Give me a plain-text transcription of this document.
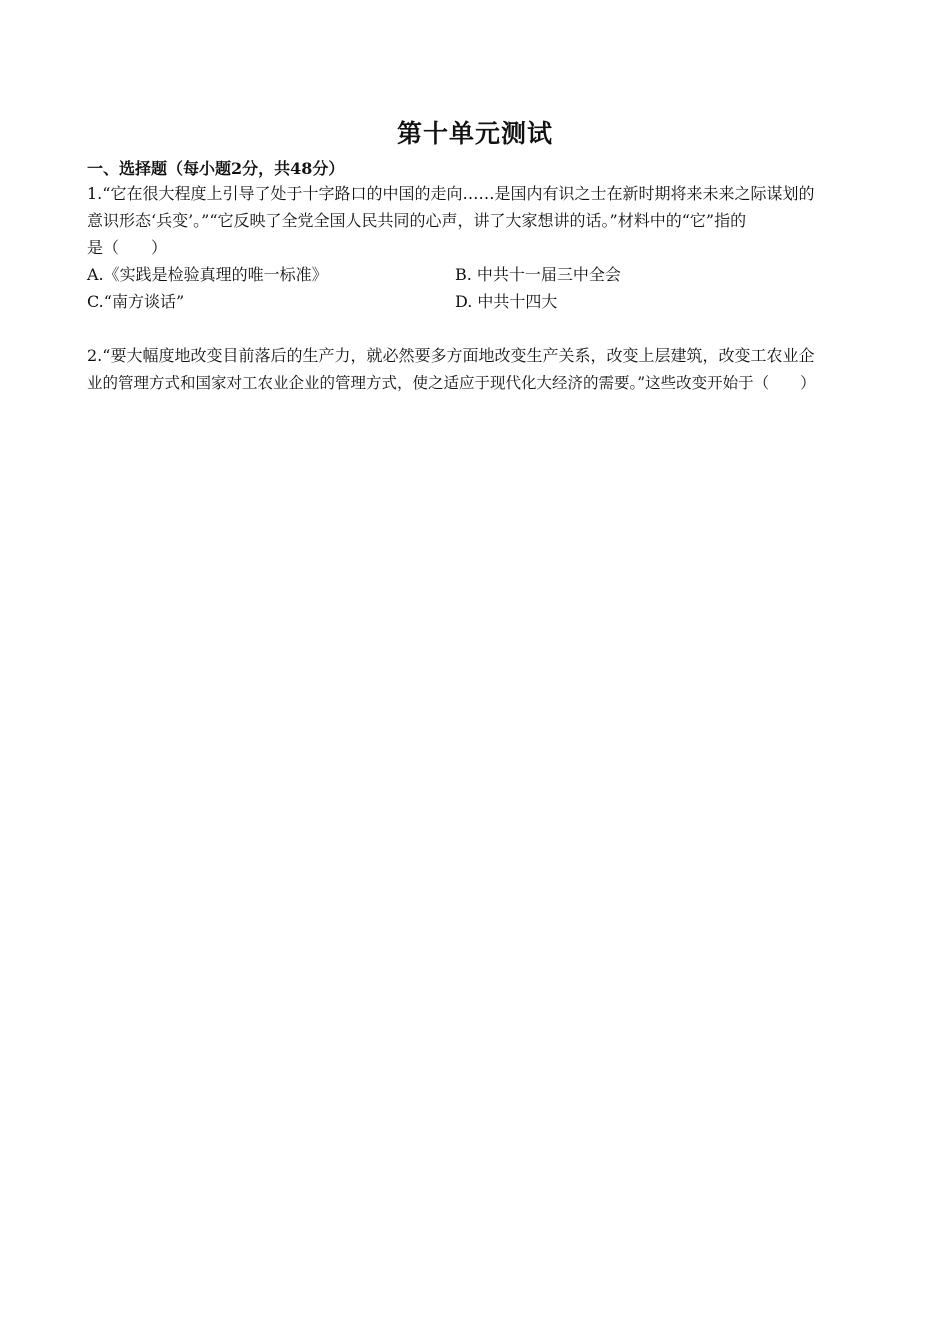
第十单元测试
一、选择题（每小题2分，共48分）
1.“它在很大程度上引导了处于十字路口的中国的走向……是国内有识之士在新时期将来未来之际谋划的
意识形态‘兵变’。”“它反映了全党全国人民共同的心声，讲了大家想讲的话。”材料中的“它”指的
是（　　）
A.《实践是检验真理的唯一标准》	B. 中共十一届三中全会
C.“南方谈话”	D. 中共十四大
2.“要大幅度地改变目前落后的生产力，就必然要多方面地改变生产关系，改变上层建筑，改变工农业企
业的管理方式和国家对工农业企业的管理方式，使之适应于现代化大经济的需要。”这些改变开始于（　　）
